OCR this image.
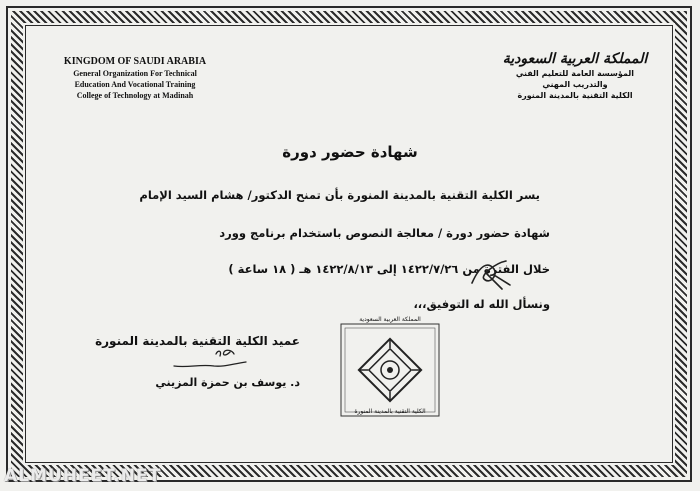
KINGDOM OF SAUDI ARABIA
General Organization For Technical
Education And Vocational Training
College of Technology at Madinah
المملكة العربية السعودية
المؤسسة العامة للتعليم الفني
والتدريب المهني
الكلية التقنية بالمدينة المنورة
شهادة حضور دورة
يسر الكلية التقنية بالمدينة المنورة بأن تمنح الدكتور/ هشام السيد الإمام
شهادة حضور دورة / معالجة النصوص باستخدام برنامج وورد
خلال الفترة من ١٤٢٢/٧/٢٦ إلى ١٤٢٢/٨/١٣ هـ ( ١٨ ساعة )
ونسأل الله له التوفيق،،،
عميد الكلية التقنية بالمدينة المنورة
د. يوسف بن حمزة المزيني
المملكة العربية السعودية
الكلية التقنية بالمدينة المنورة
ALMUHEET.NET
